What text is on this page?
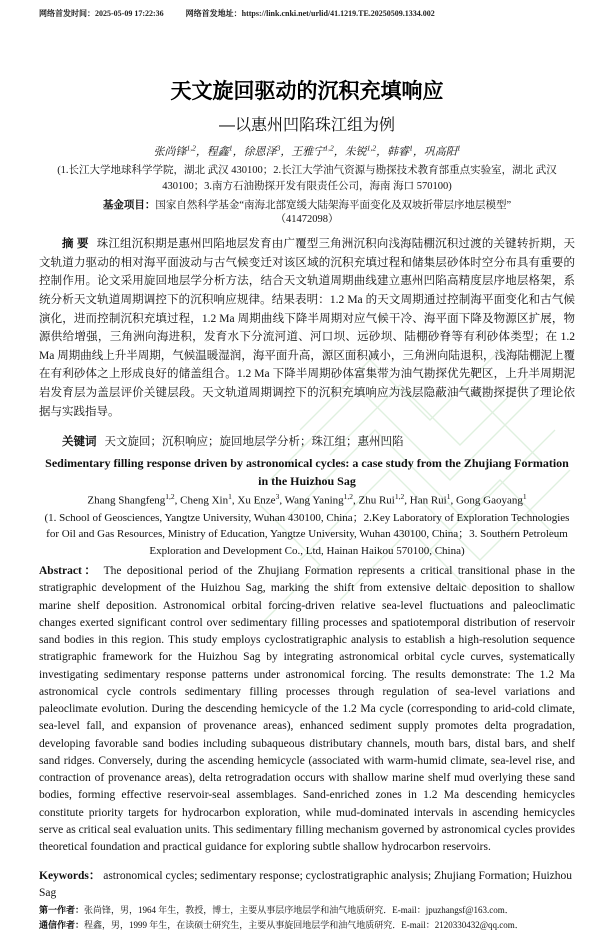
网络首发时间：2025-05-09 17:22:36	网络首发地址：https://link.cnki.net/urlid/41.1219.TE.20250509.1334.002
天文旋回驱动的沉积充填响应
—以惠州凹陷珠江组为例
张尚锋$^{1,2}$，程鑫$^1$，徐恩泽$^3$，王雅宁$^{1,2}$，朱锐$^{1,2}$，韩睿$^1$，巩高阳$^1$
(1.长江大学地球科学学院，湖北 武汉 430100；2.长江大学油气资源与勘探技术教育部重点实验室，湖北 武汉 430100；3.南方石油勘探开发有限责任公司，海南 海口 570100)
基金项目：国家自然科学基金“南海北部宽缓大陆架海平面变化及双坡折带层序地层模型”
（41472098）

摘 要 珠江组沉积期是惠州凹陷地层发育由广覆型三角洲沉积向浅海陆棚沉积过渡的关键转折期，天文轨道力驱动的相对海平面波动与古气候变迁对该区域的沉积充填过程和储集层砂体时空分布具有重要的控制作用。论文采用旋回地层学分析方法，结合天文轨道周期曲线建立惠州凹陷高精度层序地层格架，系统分析天文轨道周期调控下的沉积响应规律。结果表明：1.2 Ma 的天文周期通过控制海平面变化和古气候演化，进而控制沉积充填过程，1.2 Ma 周期曲线下降半周期对应气候干冷、海平面下降及物源区扩展，物源供给增强，三角洲向海进积，发育水下分流河道、河口坝、远砂坝、陆棚砂脊等有利砂体类型；在 1.2 Ma 周期曲线上升半周期，气候温暖湿润，海平面升高，源区面积减小，三角洲向陆退积，浅海陆棚泥上覆在有利砂体之上形成良好的储盖组合。1.2 Ma 下降半周期砂体富集带为油气勘探优先靶区，上升半周期泥岩发育层为盖层评价关键层段。天文轨道周期调控下的沉积充填响应为浅层隐蔽油气藏勘探提供了理论依据与实践指导。

关键词 天文旋回；沉积响应；旋回地层学分析；珠江组；惠州凹陷
Sedimentary filling response driven by astronomical cycles: a case study from the Zhujiang Formation in the Huizhou Sag
Zhang Shangfeng$^{1,2}$, Cheng Xin$^1$, Xu Enze$^3$, Wang Yaning$^{1,2}$, Zhu Rui$^{1,2}$, Han Rui$^1$, Gong Gaoyang$^1$
(1. School of Geosciences, Yangtze University, Wuhan 430100, China；2.Key Laboratory of Exploration Technologies for Oil and Gas Resources, Ministry of Education, Yangtze University, Wuhan 430100, China；3. Southern Petroleum Exploration and Development Co., Ltd, Hainan Haikou 570100, China)

Abstract： The depositional period of the Zhujiang Formation represents a critical transitional phase in the stratigraphic development of the Huizhou Sag, marking the shift from extensive deltaic deposition to shallow marine shelf deposition. Astronomical orbital forcing-driven relative sea-level fluctuations and paleoclimatic changes exerted significant control over sedimentary filling processes and spatiotemporal distribution of reservoir sand bodies in this region. This study employs cyclostratigraphic analysis to establish a high-resolution sequence stratigraphic framework for the Huizhou Sag by integrating astronomical orbital cycle curves, systematically investigating sedimentary response patterns under astronomical forcing. The results demonstrate: The 1.2 Ma astronomical cycle controls sedimentary filling processes through regulation of sea-level variations and paleoclimate evolution. During the descending hemicycle of the 1.2 Ma cycle (corresponding to arid-cold climate, sea-level fall, and expansion of provenance areas), enhanced sediment supply promotes delta progradation, developing favorable sand bodies including subaqueous distributary channels, mouth bars, distal bars, and shelf sand ridges. Conversely, during the ascending hemicycle (associated with warm-humid climate, sea-level rise, and contraction of provenance areas), delta retrogradation occurs with shallow marine shelf mud overlying these sand bodies, forming effective reservoir-seal assemblages. Sand-enriched zones in 1.2 Ma descending hemicycles constitute priority targets for hydrocarbon exploration, while mud-dominated intervals in ascending hemicycles serve as critical seal evaluation units. This sedimentary filling mechanism governed by astronomical cycles provides theoretical foundation and practical guidance for exploring subtle shallow hydrocarbon reservoirs.

Keywords： astronomical cycles; sedimentary response; cyclostratigraphic analysis; Zhujiang Formation; Huizhou Sag
第一作者：张尚锋，男，1964 年生，教授，博士，主要从事层序地层学和油气地质研究．E-mail：jpuzhangsf@163.com．
通信作者：程鑫，男，1999 年生，在读硕士研究生，主要从事旋回地层学和油气地质研究．E-mail：2120330432@qq.com．
